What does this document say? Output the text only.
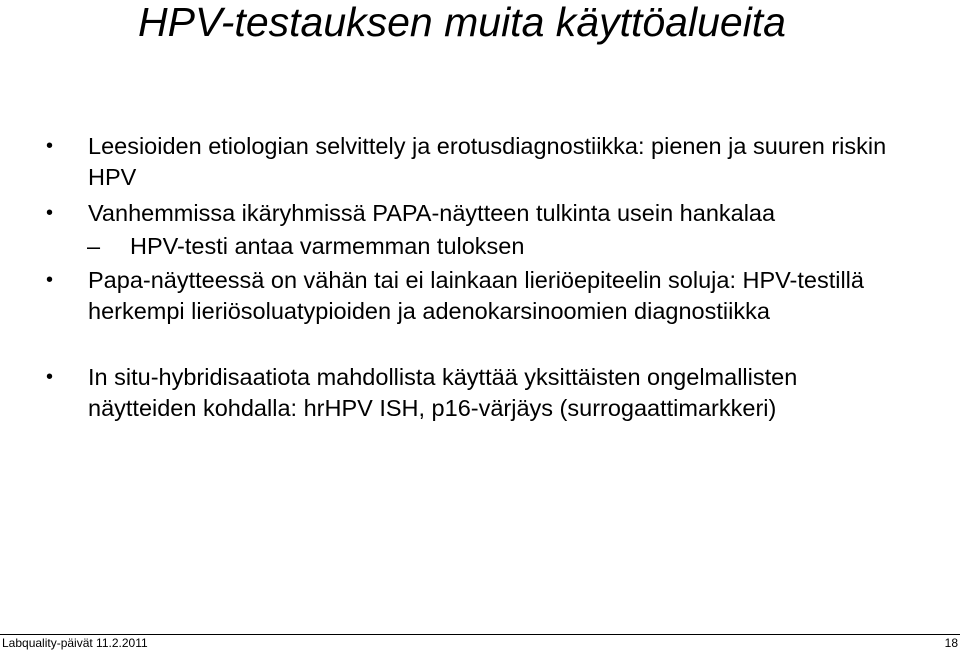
HPV-testauksen muita käyttöalueita
• Leesioiden etiologian selvittely ja erotusdiagnostiikka: pienen ja suuren riskin HPV
• Vanhemmissa ikäryhmissä PAPA-näytteen tulkinta usein hankalaa
– HPV-testi antaa varmemman tuloksen
• Papa-näytteessä on vähän tai ei lainkaan lieriöepiteelin soluja: HPV-testillä herkempi lieriösoluatypioiden ja adenokarsinoomien diagnostiikka
• In situ-hybridisaatiota mahdollista käyttää yksittäisten ongelmallisten näytteiden kohdalla: hrHPV ISH, p16-värjäys (surrogaattimarkkeri)
Labquality-päivät 11.2.2011	18
